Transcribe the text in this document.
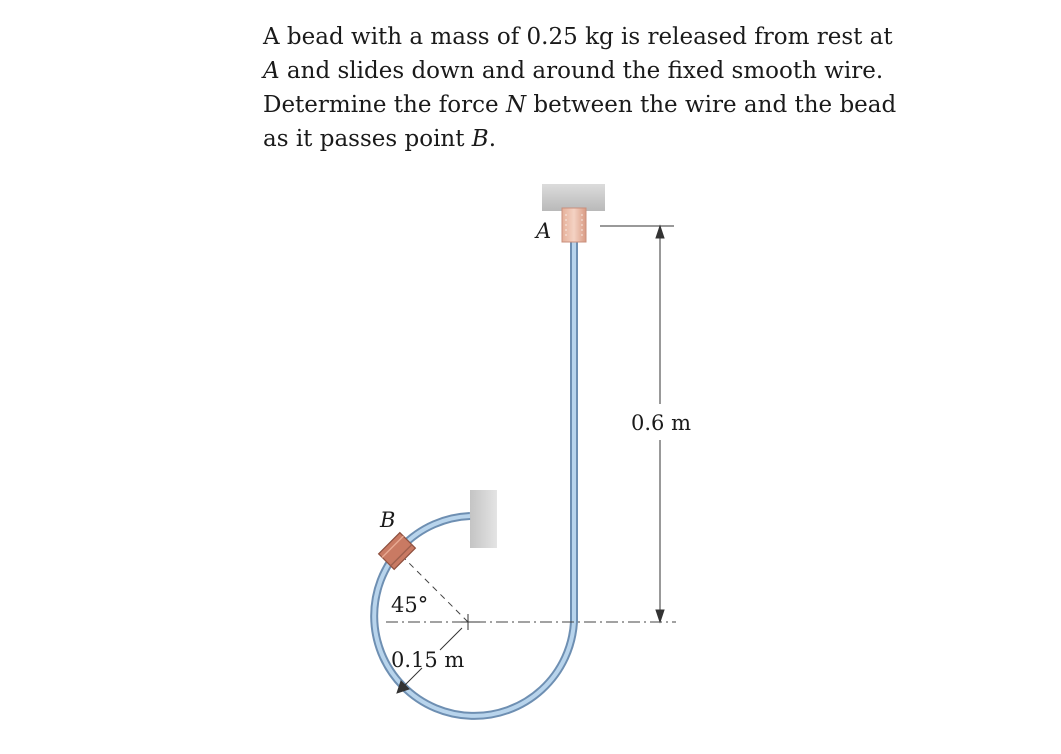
A bead with a mass of 0.25 kg is released from rest at A and slides down and around the fixed smooth wire. Determine the force N between the wire and the bead as it passes point B.

A
B
0.6 m
45°
0.15 m
